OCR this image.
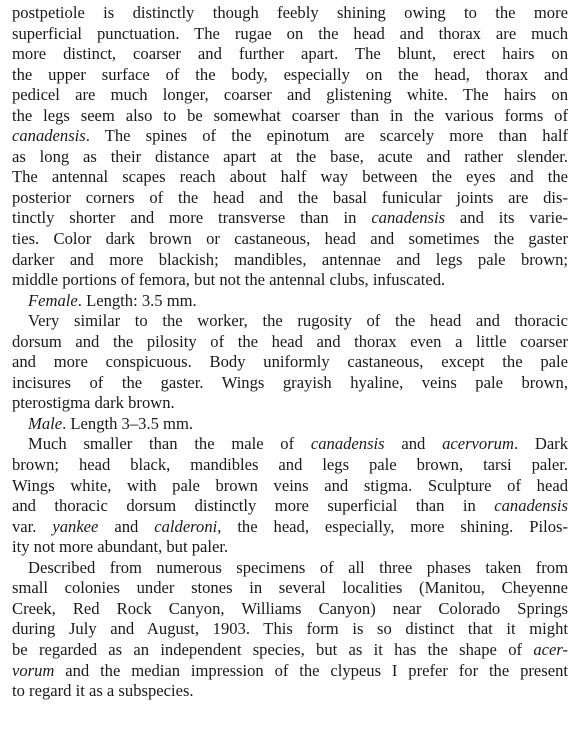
postpetiole is distinctly though feebly shining owing to the more
superficial punctuation. The rugae on the head and thorax are much
more distinct, coarser and further apart. The blunt, erect hairs on
the upper surface of the body, especially on the head, thorax and
pedicel are much longer, coarser and glistening white. The hairs on
the legs seem also to be somewhat coarser than in the various forms of
canadensis. The spines of the epinotum are scarcely more than half
as long as their distance apart at the base, acute and rather slender.
The antennal scapes reach about half way between the eyes and the
posterior corners of the head and the basal funicular joints are dis-
tinctly shorter and more transverse than in canadensis and its varie-
ties. Color dark brown or castaneous, head and sometimes the gaster
darker and more blackish; mandibles, antennae and legs pale brown;
middle portions of femora, but not the antennal clubs, infuscated.
Female. Length: 3.5 mm.
Very similar to the worker, the rugosity of the head and thoracic
dorsum and the pilosity of the head and thorax even a little coarser
and more conspicuous. Body uniformly castaneous, except the pale
incisures of the gaster. Wings grayish hyaline, veins pale brown,
pterostigma dark brown.
Male. Length 3–3.5 mm.
Much smaller than the male of canadensis and acervorum. Dark
brown; head black, mandibles and legs pale brown, tarsi paler.
Wings white, with pale brown veins and stigma. Sculpture of head
and thoracic dorsum distinctly more superficial than in canadensis
var. yankee and calderoni, the head, especially, more shining. Pilos-
ity not more abundant, but paler.
Described from numerous specimens of all three phases taken from
small colonies under stones in several localities (Manitou, Cheyenne
Creek, Red Rock Canyon, Williams Canyon) near Colorado Springs
during July and August, 1903. This form is so distinct that it might
be regarded as an independent species, but as it has the shape of acer-
vorum and the median impression of the clypeus I prefer for the present
to regard it as a subspecies.
